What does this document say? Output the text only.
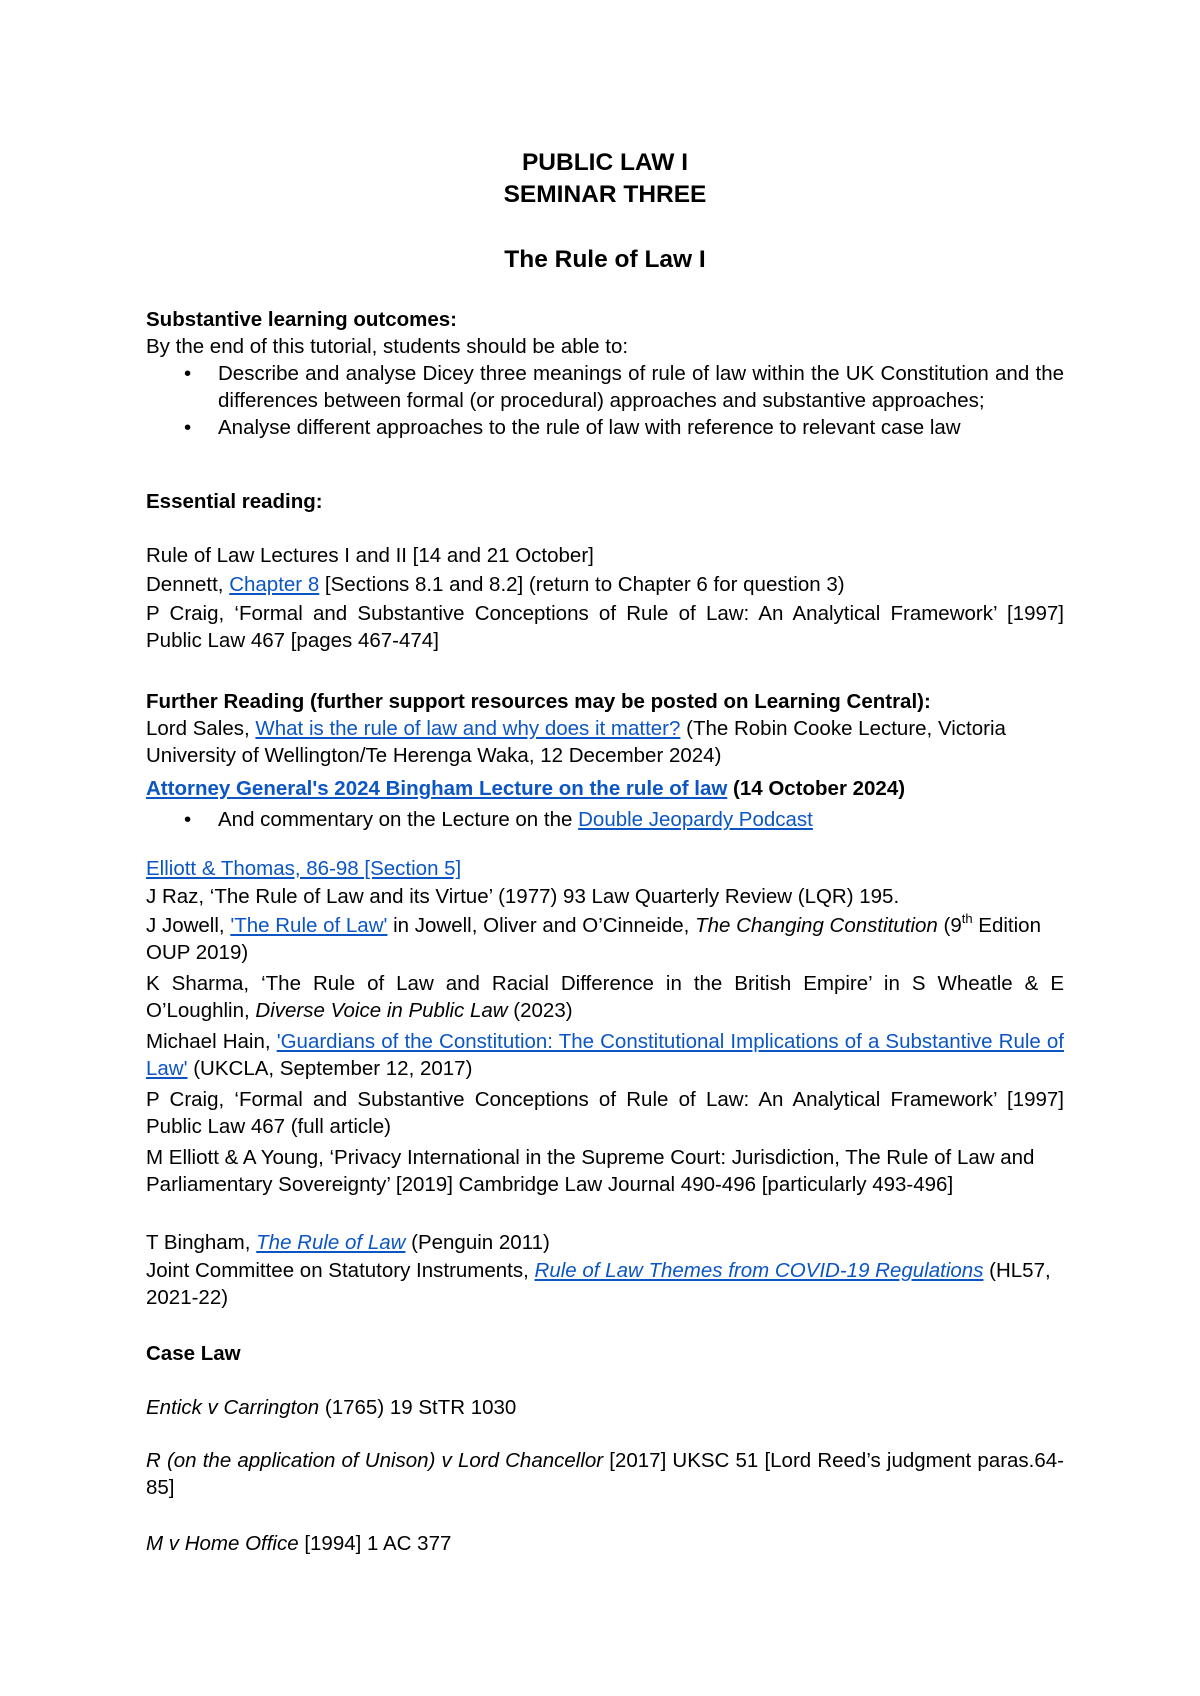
PUBLIC LAW I
SEMINAR THREE
The Rule of Law I
Substantive learning outcomes:
By the end of this tutorial, students should be able to:
• Describe and analyse Dicey three meanings of rule of law within the UK Constitution and the differences between formal (or procedural) approaches and substantive approaches;
• Analyse different approaches to the rule of law with reference to relevant case law
Essential reading:
Rule of Law Lectures I and II [14 and 21 October]
Dennett, Chapter 8 [Sections 8.1 and 8.2] (return to Chapter 6 for question 3)
P Craig, ‘Formal and Substantive Conceptions of Rule of Law: An Analytical Framework’ [1997] Public Law 467 [pages 467-474]
Further Reading (further support resources may be posted on Learning Central):
Lord Sales, What is the rule of law and why does it matter? (The Robin Cooke Lecture, Victoria University of Wellington/Te Herenga Waka, 12 December 2024)
Attorney General's 2024 Bingham Lecture on the rule of law (14 October 2024)
• And commentary on the Lecture on the Double Jeopardy Podcast
Elliott & Thomas, 86-98 [Section 5]
J Raz, ‘The Rule of Law and its Virtue’ (1977) 93 Law Quarterly Review (LQR) 195.
J Jowell, 'The Rule of Law' in Jowell, Oliver and O’Cinneide, The Changing Constitution (9th Edition OUP 2019)
K Sharma, ‘The Rule of Law and Racial Difference in the British Empire’ in S Wheatle & E O’Loughlin, Diverse Voice in Public Law (2023)
Michael Hain, 'Guardians of the Constitution: The Constitutional Implications of a Substantive Rule of Law' (UKCLA, September 12, 2017)
P Craig, ‘Formal and Substantive Conceptions of Rule of Law: An Analytical Framework’ [1997] Public Law 467 (full article)
M Elliott & A Young, ‘Privacy International in the Supreme Court: Jurisdiction, The Rule of Law and Parliamentary Sovereignty’ [2019] Cambridge Law Journal 490-496 [particularly 493-496]
T Bingham, The Rule of Law (Penguin 2011)
Joint Committee on Statutory Instruments, Rule of Law Themes from COVID-19 Regulations (HL57, 2021-22)
Case Law
Entick v Carrington (1765) 19 StTR 1030
R (on the application of Unison) v Lord Chancellor [2017] UKSC 51 [Lord Reed’s judgment paras.64-85]
M v Home Office [1994] 1 AC 377
